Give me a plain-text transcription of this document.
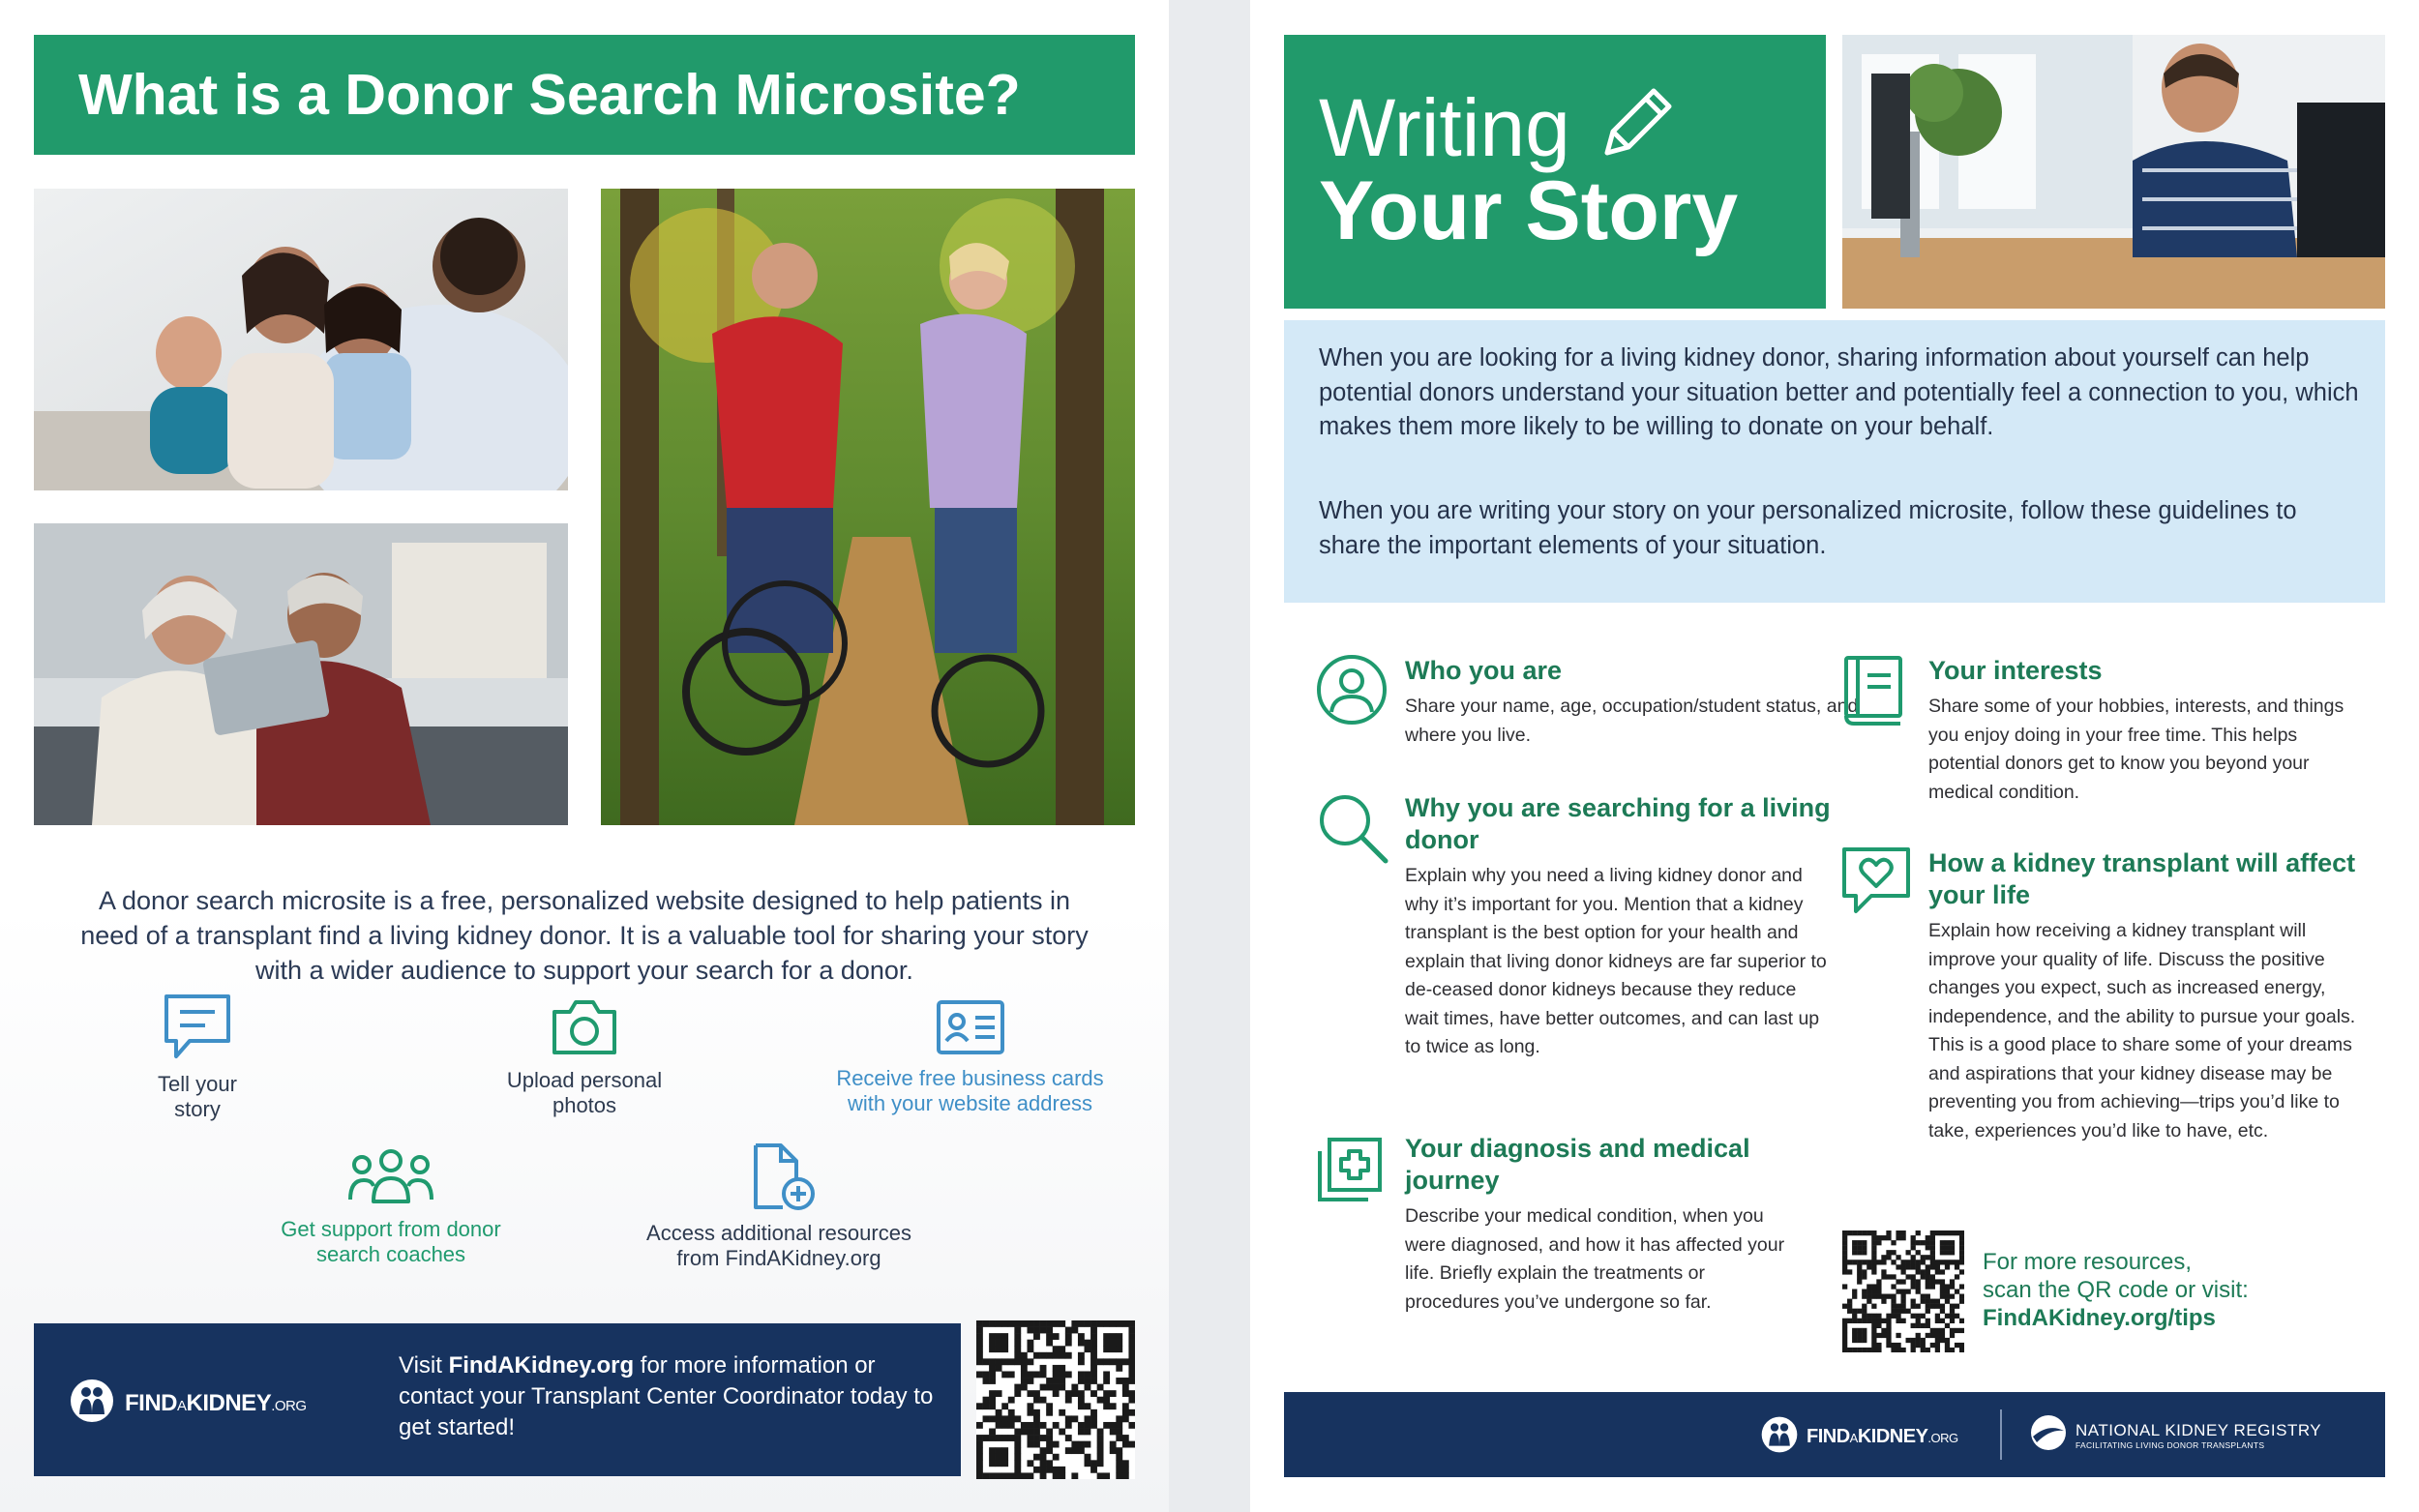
What is a Donor Search Microsite?

A donor search microsite is a free, personalized website designed to help patients in need of a transplant find a living kidney donor. It is a valuable tool for sharing your story with a wider audience to support your search for a donor.

Tell your story
Upload personal photos
Receive free business cards with your website address
Get support from donor search coaches
Access additional resources from FindAKidney.org
FINDAKIDNEY.ORG
Visit FindAKidney.org for more information or contact your Transplant Center Coordinator today to get started!
Writing
Your Story

When you are looking for a living kidney donor, sharing information about yourself can help potential donors understand your situation better and potentially feel a connection to you, which makes them more likely to be willing to donate on your behalf.

When you are writing your story on your personalized microsite, follow these guidelines to share the important elements of your situation.

Who you are
Share your name, age, occupation/student status, and where you live.
Why you are searching for a living donor
Explain why you need a living kidney donor and why it’s important for you. Mention that a kidney transplant is the best option for your health and explain that living donor kidneys are far superior to de-ceased donor kidneys because they reduce wait times, have better outcomes, and can last up to twice as long.
Your diagnosis and medical journey
Describe your medical condition, when you were diagnosed, and how it has affected your life. Briefly explain the treatments or procedures you’ve undergone so far.
Your interests
Share some of your hobbies, interests, and things you enjoy doing in your free time. This helps potential donors get to know you beyond your medical condition.
How a kidney transplant will affect your life
Explain how receiving a kidney transplant will improve your quality of life. Discuss the positive changes you expect, such as increased energy, independence, and the ability to pursue your goals. This is a good place to share some of your dreams and aspirations that your kidney disease may be preventing you from achieving—trips you’d like to take, experiences you’d like to have, etc.
For more resources,
scan the QR code or visit:
FindAKidney.org/tips
FINDAKIDNEY.ORG	NATIONAL KIDNEY REGISTRY
FACILITATING LIVING DONOR TRANSPLANTS
